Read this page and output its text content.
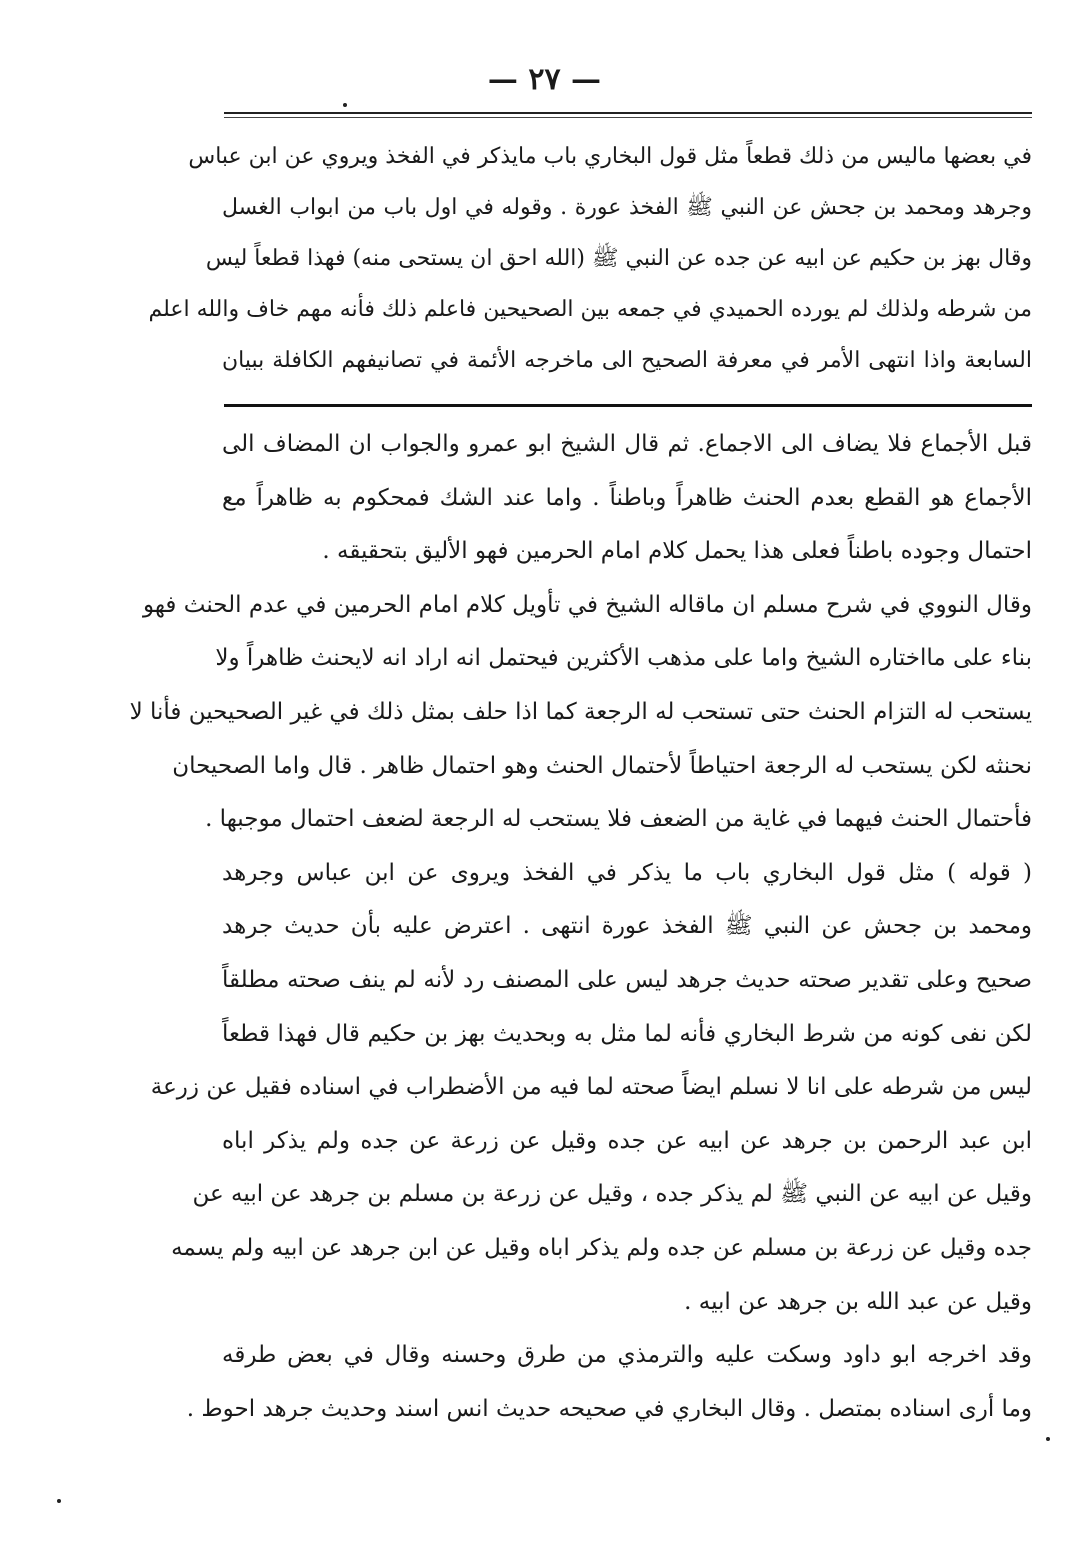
— ٢٧ —
في بعضها ماليس من ذلك قطعاً مثل قول البخاري باب مايذكر في الفخذ ويروي عن ابن عباس
وجرهد ومحمد بن جحش عن النبي ﷺ الفخذ عورة . وقوله في اول باب من ابواب الغسل
وقال بهز بن حكيم عن ابيه عن جده عن النبي ﷺ (الله احق ان يستحى منه) فهذا قطعاً ليس
من شرطه ولذلك لم يورده الحميدي في جمعه بين الصحيحين فاعلم ذلك فأنه مهم خاف والله اعلم
السابعة واذا انتهى الأمر في معرفة الصحيح الى ماخرجه الأئمة في تصانيفهم الكافلة ببيان
قبل الأجماع فلا يضاف الى الاجماع. ثم قال الشيخ ابو عمرو والجواب ان المضاف الى
الأجماع هو القطع بعدم الحنث ظاهراً وباطناً . واما عند الشك فمحكوم به ظاهراً مع
احتمال وجوده باطناً فعلى هذا يحمل كلام امام الحرمين فهو الأليق بتحقيقه .
وقال النووي في شرح مسلم ان ماقاله الشيخ في تأويل كلام امام الحرمين في عدم الحنث فهو
بناء على مااختاره الشيخ واما على مذهب الأكثرين فيحتمل انه اراد انه لايحنث ظاهراً ولا
يستحب له التزام الحنث حتى تستحب له الرجعة كما اذا حلف بمثل ذلك في غير الصحيحين فأنا لا
نحنثه لكن يستحب له الرجعة احتياطاً لأحتمال الحنث وهو احتمال ظاهر . قال واما الصحيحان
فأحتمال الحنث فيهما في غاية من الضعف فلا يستحب له الرجعة لضعف احتمال موجبها .
( قوله ) مثل قول البخاري باب ما يذكر في الفخذ ويروى عن ابن عباس وجرهد
ومحمد بن جحش عن النبي ﷺ الفخذ عورة انتهى . اعترض عليه بأن حديث جرهد
صحيح وعلى تقدير صحته حديث جرهد ليس على المصنف رد لأنه لم ينف صحته مطلقاً
لكن نفى كونه من شرط البخاري فأنه لما مثل به وبحديث بهز بن حكيم قال فهذا قطعاً
ليس من شرطه على انا لا نسلم ايضاً صحته لما فيه من الأضطراب في اسناده فقيل عن زرعة
ابن عبد الرحمن بن جرهد عن ابيه عن جده وقيل عن زرعة عن جده ولم يذكر اباه
وقيل عن ابيه عن النبي ﷺ لم يذكر جده ، وقيل عن زرعة بن مسلم بن جرهد عن ابيه عن
جده وقيل عن زرعة بن مسلم عن جده ولم يذكر اباه وقيل عن ابن جرهد عن ابيه ولم يسمه
وقيل عن عبد الله بن جرهد عن ابيه .
وقد اخرجه ابو داود وسكت عليه والترمذي من طرق وحسنه وقال في بعض طرقه
وما أرى اسناده بمتصل . وقال البخاري في صحيحه حديث انس اسند وحديث جرهد احوط .
